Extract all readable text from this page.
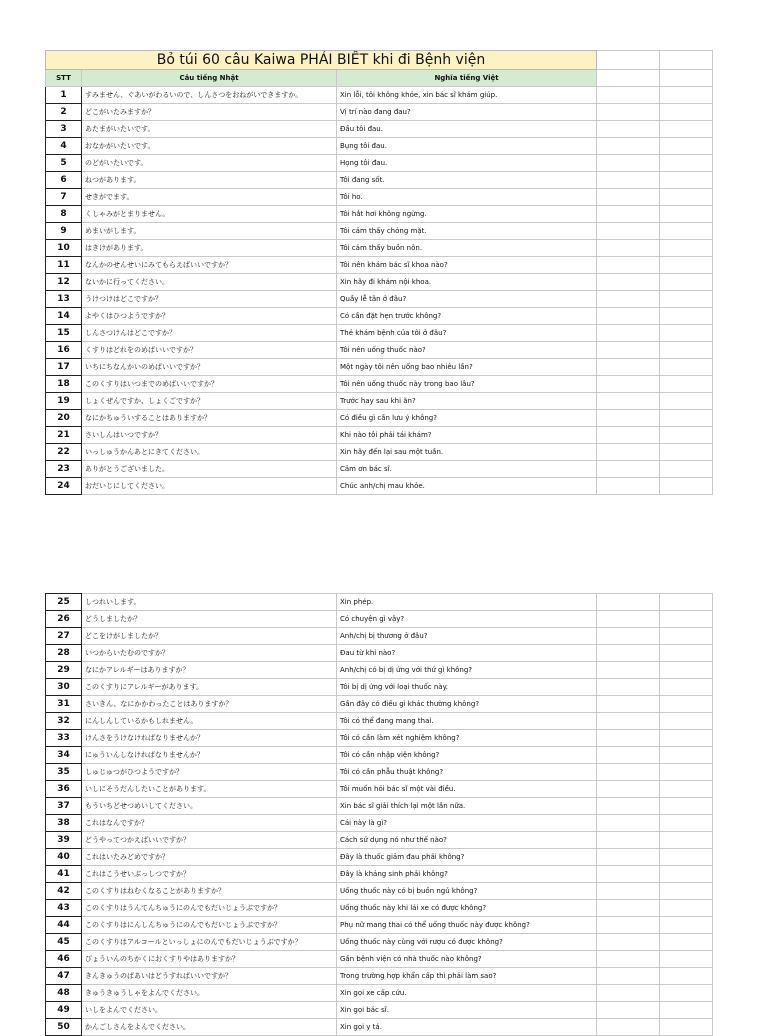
Bỏ túi 60 câu Kaiwa PHẢI BIẾT khi đi Bệnh viện				
STT	Câu tiếng Nhật	Nghĩa tiếng Việt		
1	すみません、ぐあいがわるいので、しんさつをおねがいできますか。	Xin lỗi, tôi không khỏe, xin bác sĩ khám giúp.		
2	どこがいたみますか？	Vị trí nào đang đau?		
3	あたまがいたいです。	Đầu tôi đau.		
4	おなかがいたいです。	Bụng tôi đau.		
5	のどがいたいです。	Họng tôi đau.		
6	ねつがあります。	Tôi đang sốt.		
7	せきがでます。	Tôi ho.		
8	くしゃみがとまりません。	Tôi hắt hơi không ngừng.		
9	めまいがします。	Tôi cảm thấy chóng mặt.		
10	はきけがあります。	Tôi cảm thấy buồn nôn.		
11	なんかのせんせいにみてもらえばいいですか？	Tôi nên khám bác sĩ khoa nào?		
12	ないかに行ってください。	Xin hãy đi khám nội khoa.		
13	うけつけはどこですか？	Quầy lễ tân ở đâu?		
14	よやくはひつようですか？	Có cần đặt hẹn trước không?		
15	しんさつけんはどこですか？	Thẻ khám bệnh của tôi ở đâu?		
16	くすりはどれをのめばいいですか？	Tôi nên uống thuốc nào?		
17	いちにちなんかいのめばいいですか？	Một ngày tôi nên uống bao nhiêu lần?		
18	このくすりはいつまでのめばいいですか？	Tôi nên uống thuốc này trong bao lâu?		
19	しょくぜんですか、しょくごですか？	Trước hay sau khi ăn?		
20	なにかちゅういすることはありますか？	Có điều gì cần lưu ý không?		
21	さいしんはいつですか？	Khi nào tôi phải tái khám?		
22	いっしゅうかんあとにきてください。	Xin hãy đến lại sau một tuần.		
23	ありがとうございました。	Cảm ơn bác sĩ.		
24	おだいじにしてください。	Chúc anh/chị mau khỏe.		
25	しつれいします。	Xin phép.		
26	どうしましたか？	Có chuyện gì vậy?		
27	どこをけがしましたか？	Anh/chị bị thương ở đâu?		
28	いつからいたむのですか？	Đau từ khi nào?		
29	なにかアレルギーはありますか？	Anh/chị có bị dị ứng với thứ gì không?		
30	このくすりにアレルギーがあります。	Tôi bị dị ứng với loại thuốc này.		
31	さいきん、なにかかわったことはありますか？	Gần đây có điều gì khác thường không?		
32	にんしんしているかもしれません。	Tôi có thể đang mang thai.		
33	けんさをうけなければなりませんか？	Tôi có cần làm xét nghiệm không?		
34	にゅういんしなければなりませんか？	Tôi có cần nhập viện không?		
35	しゅじゅつがひつようですか？	Tôi có cần phẫu thuật không?		
36	いしにそうだんしたいことがあります。	Tôi muốn hỏi bác sĩ một vài điều.		
37	もういちどせつめいしてください。	Xin bác sĩ giải thích lại một lần nữa.		
38	これはなんですか？	Cái này là gì?		
39	どうやってつかえばいいですか？	Cách sử dụng nó như thế nào?		
40	これはいたみどめですか？	Đây là thuốc giảm đau phải không?		
41	これはこうせいぶっしつですか？	Đây là kháng sinh phải không?		
42	このくすりはねむくなることがありますか？	Uống thuốc này có bị buồn ngủ không?		
43	このくすりはうんてんちゅうにのんでもだいじょうぶですか？	Uống thuốc này khi lái xe có được không?		
44	このくすりはにんしんちゅうにのんでもだいじょうぶですか？	Phụ nữ mang thai có thể uống thuốc này được không?		
45	このくすりはアルコールといっしょにのんでもだいじょうぶですか？	Uống thuốc này cùng với rượu có được không?		
46	びょういんのちかくにおくすりやはありますか？	Gần bệnh viện có nhà thuốc nào không?		
47	きんきゅうのばあいはどうすればいいですか？	Trong trường hợp khẩn cấp thì phải làm sao?		
48	きゅうきゅうしゃをよんでください。	Xin gọi xe cấp cứu.		
49	いしをよんでください。	Xin gọi bác sĩ.		
50	かんごしさんをよんでください。	Xin gọi y tá.		
